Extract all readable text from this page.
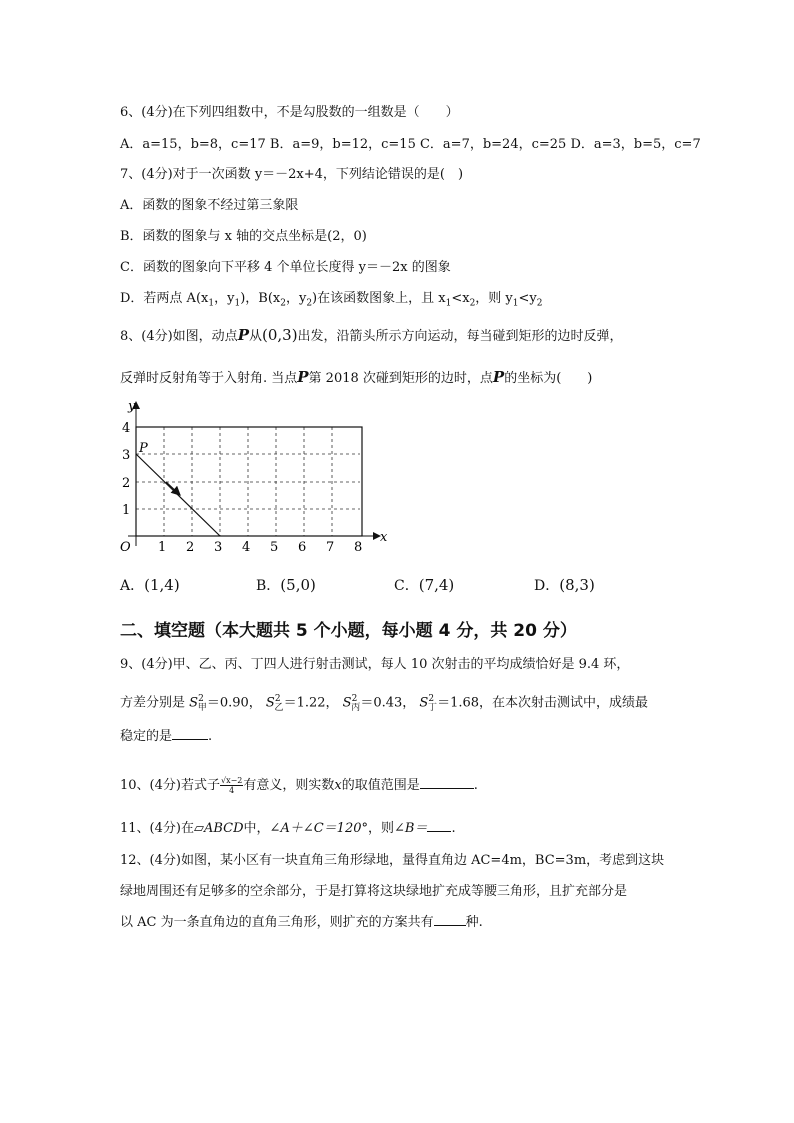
6、(4分)在下列四组数中，不是勾股数的一组数是（　　）
A．a=15，b=8，c=17 B．a=9，b=12，c=15 C．a=7，b=24，c=25 D．a=3，b=5，c=7
7、(4分)对于一次函数 y＝－2x+4，下列结论错误的是(　)
A．函数的图象不经过第三象限
B．函数的图象与 x 轴的交点坐标是(2，0)
C．函数的图象向下平移 4 个单位长度得 y＝－2x 的图象
D．若两点 $A(x_1$，$y_1$)，$B(x_2$，$y_2$)在该函数图象上，且 $x_1<x_2$，则 $y_1<y_2$
8、(4分)如图，动点P从(0,3)出发，沿箭头所示方向运动，每当碰到矩形的边时反弹，
反弹时反射角等于入射角. 当点P第 2018 次碰到矩形的边时，点P的坐标为(　　)
y
x
O
P
1 2 3 4 5 6 7 8
1
2
3
4
A．(1,4)	B．(5,0)	C．(7,4)	D．(8,3)
二、填空题（本大题共 5 个小题，每小题 4 分，共 20 分）
9、(4分)甲、乙、丙、丁四人进行射击测试，每人 10 次射击的平均成绩恰好是 9.4 环，
方差分别是 $S^2_甲=0.90$， $S^2_乙=1.22$， $S^2_丙=0.43$， $S^2_丁=1.68$，在本次射击测试中，成绩最
稳定的是	.
10、(4分)若式子 $\frac{√x-2}{4}$ 有意义，则实数x的取值范围是	.
11、(4分)在▱ABCD中，∠A＋∠C＝120°，则∠B＝ .
12、(4分)如图，某小区有一块直角三角形绿地，量得直角边 AC=4m，BC=3m，考虑到这块
绿地周围还有足够多的空余部分，于是打算将这块绿地扩充成等腰三角形，且扩充部分是
以 AC 为一条直角边的直角三角形，则扩充的方案共有 种.
